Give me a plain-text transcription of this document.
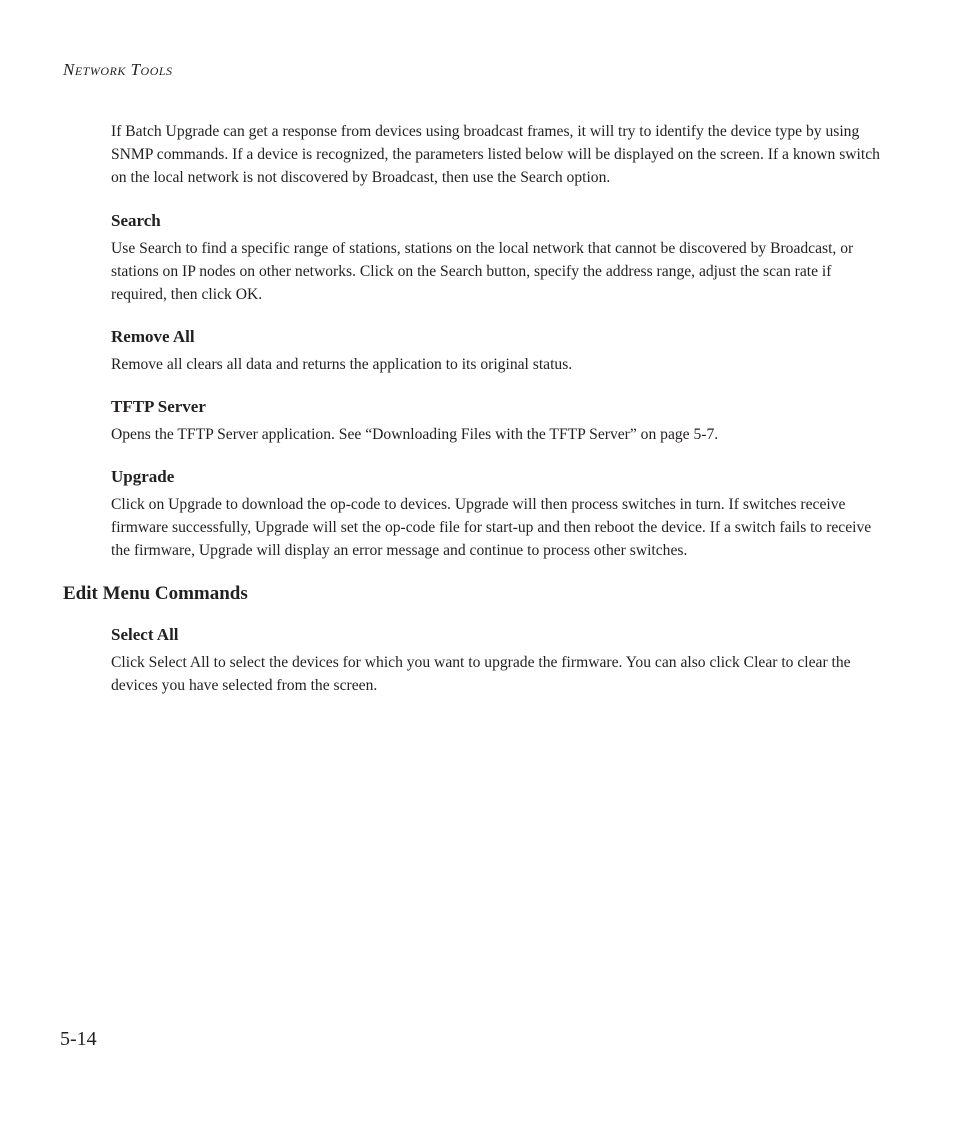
Network Tools

If Batch Upgrade can get a response from devices using broadcast frames, it will try to identify the device type by using SNMP commands. If a device is recognized, the parameters listed below will be displayed on the screen. If a known switch on the local network is not discovered by Broadcast, then use the Search option.

Search

Use Search to find a specific range of stations, stations on the local network that cannot be discovered by Broadcast, or stations on IP nodes on other networks. Click on the Search button, specify the address range, adjust the scan rate if required, then click OK.

Remove All

Remove all clears all data and returns the application to its original status.

TFTP Server

Opens the TFTP Server application. See “Downloading Files with the TFTP Server” on page 5-7.

Upgrade

Click on Upgrade to download the op-code to devices. Upgrade will then process switches in turn. If switches receive firmware successfully, Upgrade will set the op-code file for start-up and then reboot the device. If a switch fails to receive the firmware, Upgrade will display an error message and continue to process other switches.

Edit Menu Commands
Select All

Click Select All to select the devices for which you want to upgrade the firmware. You can also click Clear to clear the devices you have selected from the screen.

5-14
